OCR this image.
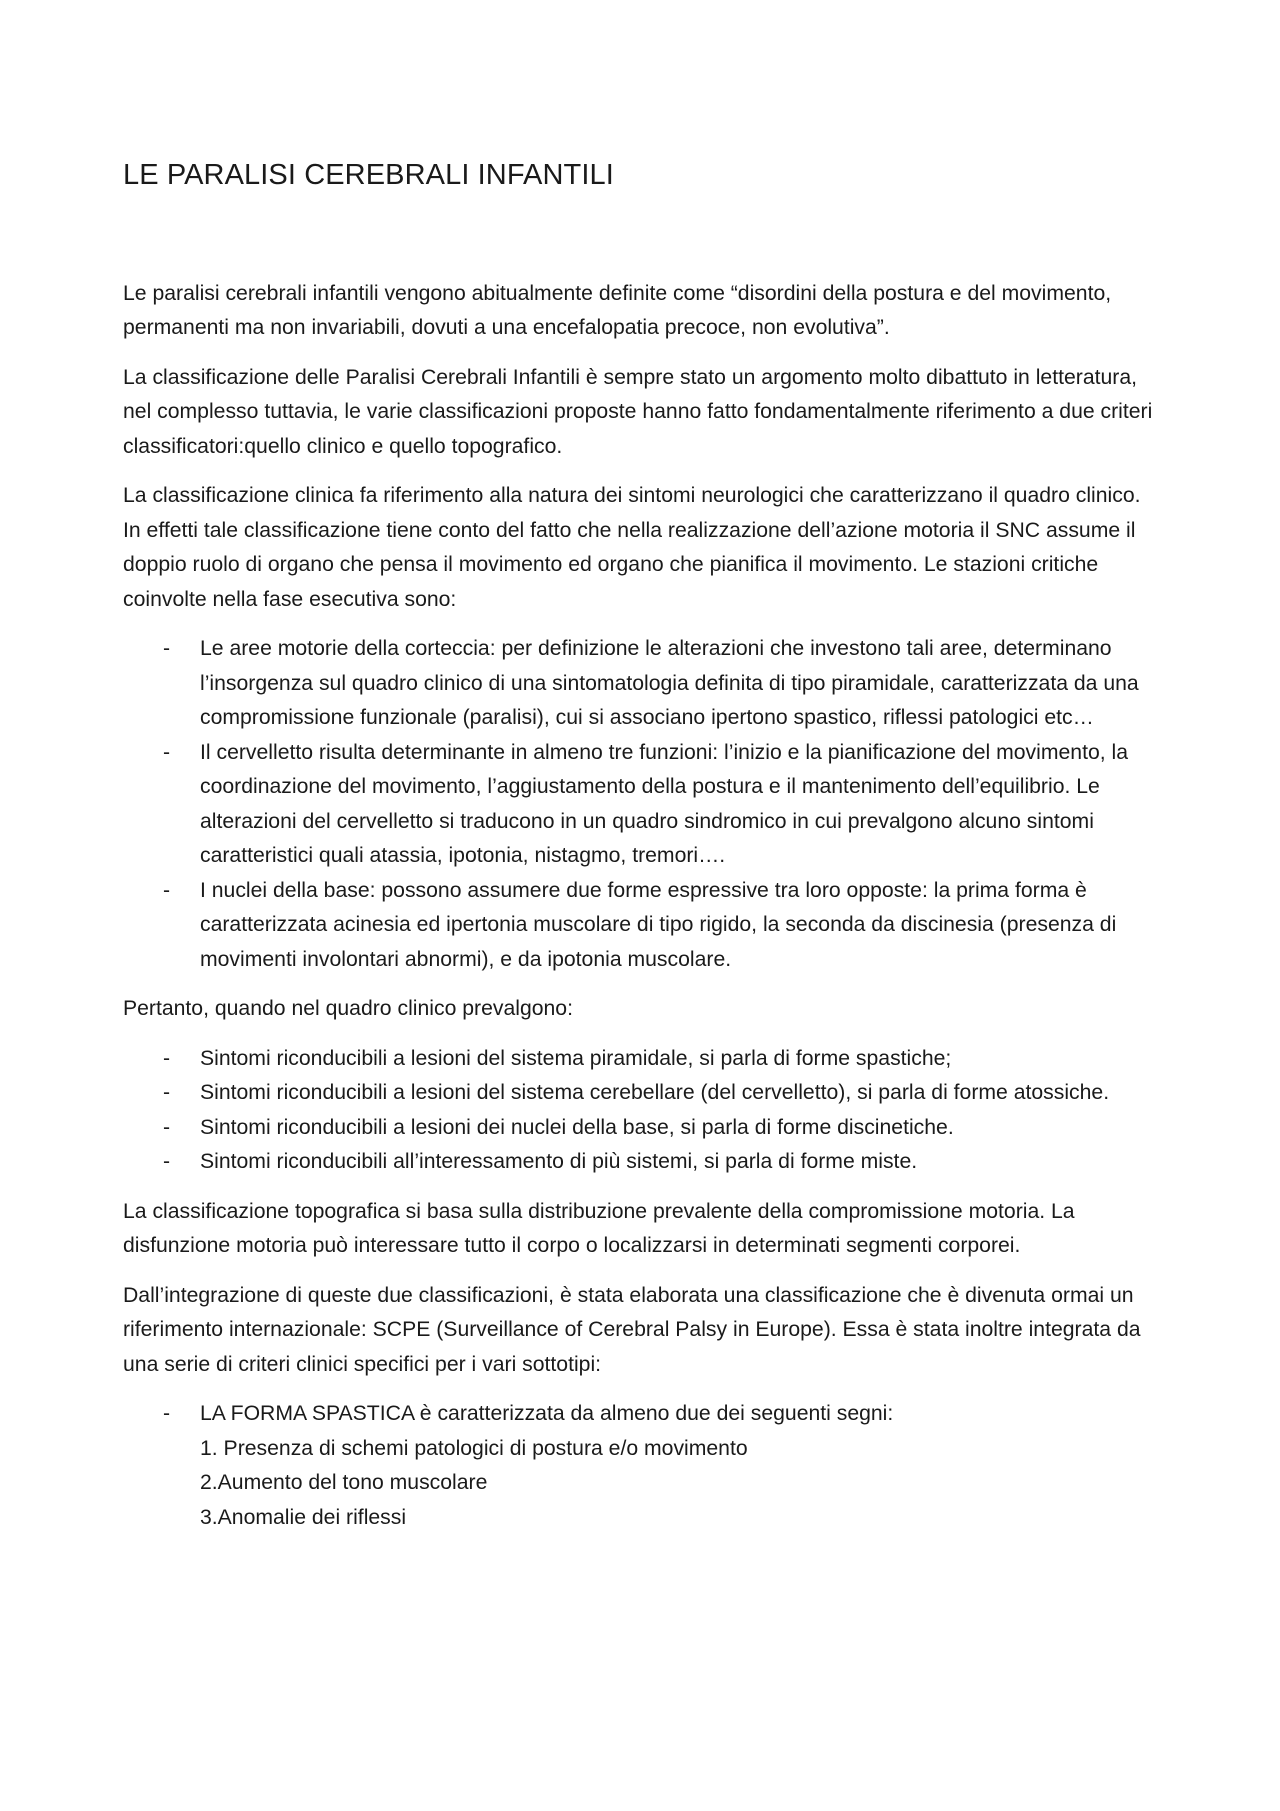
LE PARALISI CEREBRALI INFANTILI

Le paralisi cerebrali infantili vengono abitualmente definite come “disordini della postura e del movimento, permanenti ma non invariabili, dovuti a una encefalopatia precoce, non evolutiva”.

La classificazione delle Paralisi Cerebrali Infantili è sempre stato un argomento molto dibattuto in letteratura, nel complesso tuttavia, le varie classificazioni proposte hanno fatto fondamentalmente riferimento a due criteri classificatori:quello clinico e quello topografico.

La classificazione clinica fa riferimento alla natura dei sintomi neurologici che caratterizzano il quadro clinico. In effetti tale classificazione tiene conto del fatto che nella realizzazione dell’azione motoria il SNC assume il doppio ruolo di organo che pensa il movimento ed organo che pianifica il movimento. Le stazioni critiche coinvolte nella fase esecutiva sono:

- Le aree motorie della corteccia: per definizione le alterazioni che investono tali aree, determinano l’insorgenza sul quadro clinico di una sintomatologia definita di tipo piramidale, caratterizzata da una compromissione funzionale (paralisi), cui si associano ipertono spastico, riflessi patologici etc…
- Il cervelletto risulta determinante in almeno tre funzioni: l’inizio e la pianificazione del movimento, la coordinazione del movimento, l’aggiustamento della postura e il mantenimento dell’equilibrio. Le alterazioni del cervelletto si traducono in un quadro sindromico in cui prevalgono alcuno sintomi caratteristici quali atassia, ipotonia, nistagmo, tremori….
- I nuclei della base: possono assumere due forme espressive tra loro opposte: la prima forma è caratterizzata acinesia ed ipertonia muscolare di tipo rigido, la seconda da discinesia (presenza di movimenti involontari abnormi), e da ipotonia muscolare.

Pertanto, quando nel quadro clinico prevalgono:

- Sintomi riconducibili a lesioni del sistema piramidale, si parla di forme spastiche;
- Sintomi riconducibili a lesioni del sistema cerebellare (del cervelletto), si parla di forme atossiche.
- Sintomi riconducibili a lesioni dei nuclei della base, si parla di forme discinetiche.
- Sintomi riconducibili all’interessamento di più sistemi, si parla di forme miste.

La classificazione topografica si basa sulla distribuzione prevalente della compromissione motoria. La disfunzione motoria può interessare tutto il corpo o localizzarsi in determinati segmenti corporei.

Dall’integrazione di queste due classificazioni, è stata elaborata una classificazione che è divenuta ormai un riferimento internazionale: SCPE (Surveillance of Cerebral Palsy in Europe). Essa è stata inoltre integrata da una serie di criteri clinici specifici per i vari sottotipi:

- LA FORMA SPASTICA è caratterizzata da almeno due dei seguenti segni:
1. Presenza di schemi patologici di postura e/o movimento
2.Aumento del tono muscolare
3.Anomalie dei riflessi
